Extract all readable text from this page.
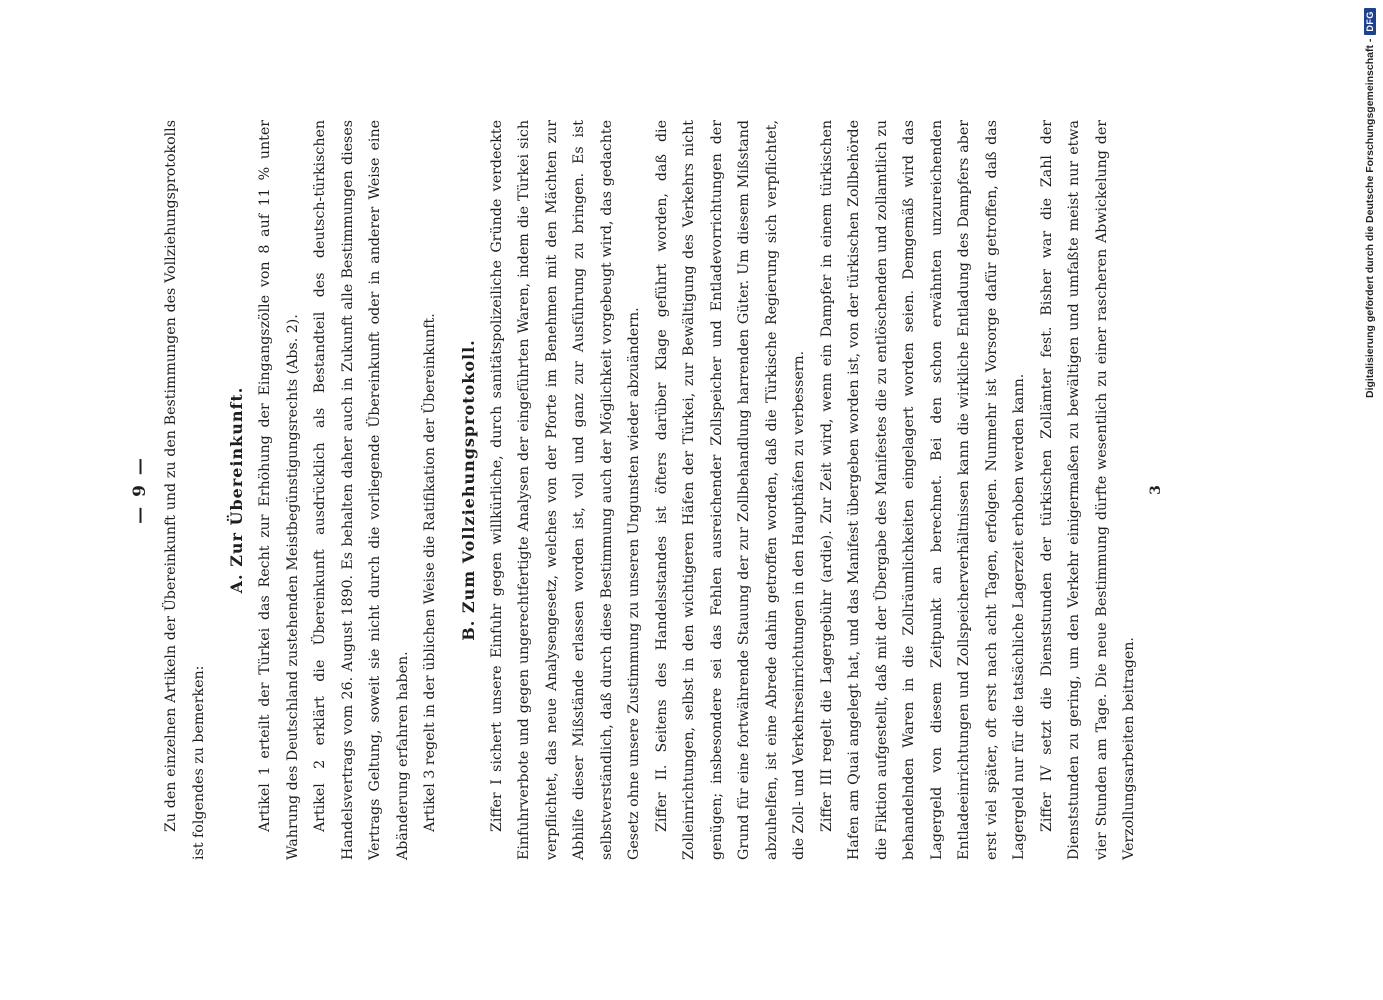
— 9 — Zu den einzelnen Artikeln der Übereinkunft und zu den Bestimmungen des Vollziehungsprotokolls ist folgendes zu bemerken:

A. Zur Übereinkunft. Artikel 1 erteilt der Türkei das Recht zur Erhöhung der Eingangszölle von 8 auf 11 % unter Wahrung des Deutschland zustehenden Meistbegünstigungsrechts (Abs. 2). Artikel 2 erklärt die Übereinkunft ausdrücklich als Bestandteil des deutsch-türkischen Handelsvertrags vom 26. August 1890. Es behalten daher auch in Zukunft alle Bestimmungen dieses Vertrags Geltung, soweit sie nicht durch die vorliegende Übereinkunft oder in anderer Weise eine Abänderung erfahren haben. Artikel 3 regelt in der üblichen Weise die Ratifikation der Übereinkunft.	B. Zum Vollziehungsprotokoll. Ziffer I sichert unsere Einfuhr gegen willkürliche, durch sanitätspolizeiliche Gründe verdeckte Einfuhrverbote und gegen ungerechtfertigte Analysen der eingeführten Waren, indem die Türkei sich verpflichtet, das neue Analysengesetz, welches von der Pforte im Benehmen mit den Mächten zur Abhilfe dieser Mißstände erlassen worden ist, voll und ganz zur Ausführung zu bringen. Es ist selbstverständlich, daß durch diese Bestimmung auch der Möglichkeit vorgebeugt wird, das gedachte Gesetz ohne unsere Zustimmung zu unseren Ungunsten wieder abzuändern. Ziffer II. Seitens des Handelsstandes ist öfters darüber Klage geführt worden, daß die Zolleinrichtungen, selbst in den wichtigeren Häfen der Türkei, zur Bewältigung des Verkehrs nicht genügen; insbesondere sei das Fehlen ausreichender Zollspeicher und Entladevorrichtungen der Grund für eine fortwährende Stauung der zur Zollbehandlung harrenden Güter. Um diesem Mißstand abzuhelfen, ist eine Abrede dahin getroffen worden, daß die Türkische Regierung sich verpflichtet, die Zoll- und Verkehrseinrichtungen in den Haupthäfen zu verbessern. Ziffer III regelt die Lagergebühr (ardie). Zur Zeit wird, wenn ein Dampfer in einem türkischen Hafen am Quai angelegt hat, und das Manifest übergeben worden ist, von der türkischen Zollbehörde die Fiktion aufgestellt, daß mit der Übergabe des Manifestes die zu entlöschenden und zollamtlich zu behandelnden Waren in die Zollräumlichkeiten eingelagert worden seien. Demgemäß wird das Lagergeld von diesem Zeitpunkt an berechnet. Bei den schon erwähnten unzureichenden Entladeeinrichtungen und Zollspeicherverhältnissen kann die wirkliche Entladung des Dampfers aber erst viel später, oft erst nach acht Tagen, erfolgen. Nunmehr ist Vorsorge dafür getroffen, daß das Lagergeld nur für die tatsächliche Lagerzeit erhoben werden kann. Ziffer IV setzt die Dienststunden der türkischen Zollämter fest. Bisher war die Zahl der Dienststunden zu gering, um den Verkehr einigermaßen zu bewältigen und umfaßte meist nur etwa vier Stunden am Tage. Die neue Bestimmung dürfte wesentlich zu einer rascheren Abwickelung der Verzollungsarbeiten beitragen.

3
Digitalisierung gefördert durch die Deutsche Forschungsgemeinschaft -
DFG
